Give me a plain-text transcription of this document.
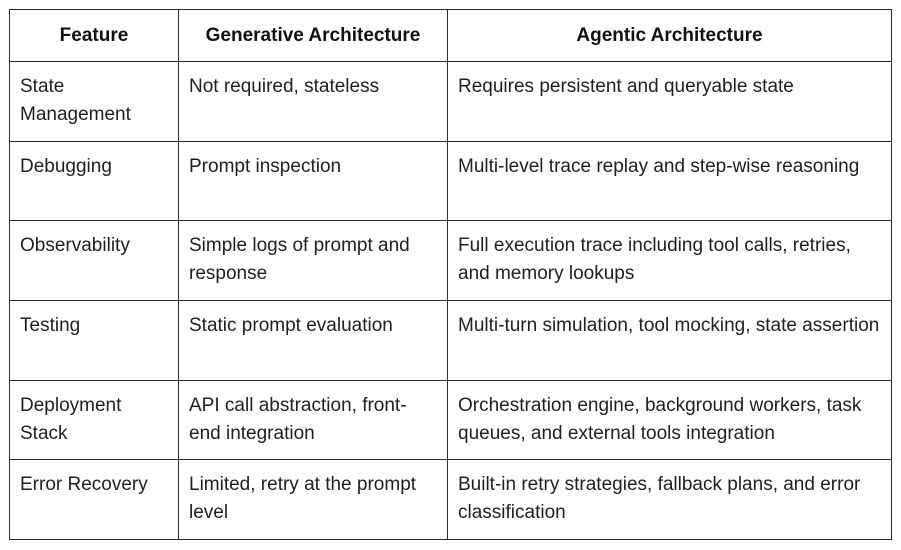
Feature	Generative Architecture	Agentic Architecture
State Management	Not required, stateless	Requires persistent and queryable state
Debugging	Prompt inspection	Multi-level trace replay and step-wise reasoning
Observability	Simple logs of prompt and response	Full execution trace including tool calls, retries, and memory lookups
Testing	Static prompt evaluation	Multi-turn simulation, tool mocking, state assertion
Deployment Stack	API call abstraction, front-end integration	Orchestration engine, background workers, task queues, and external tools integration
Error Recovery	Limited, retry at the prompt level	Built-in retry strategies, fallback plans, and error classification
